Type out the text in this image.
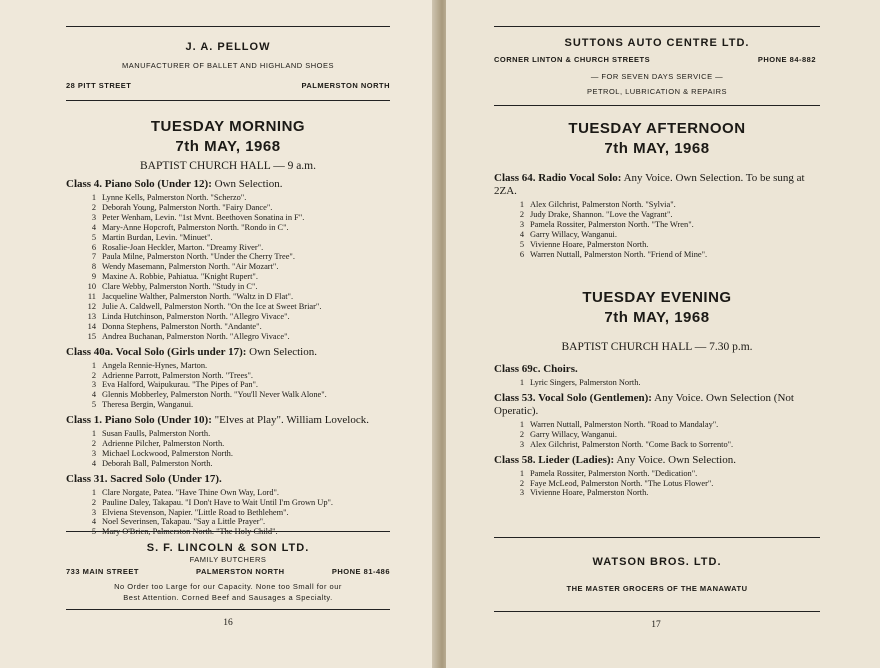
J. A. PELLOW
MANUFACTURER OF BALLET AND HIGHLAND SHOES
28 PITT STREET	PALMERSTON NORTH
TUESDAY MORNING
7th MAY, 1968
BAPTIST CHURCH HALL — 9 a.m.
Class 4. Piano Solo (Under 12): Own Selection.
1 Lynne Kells, Palmerston North. "Scherzo".
2 Deborah Young, Palmerston North. "Fairy Dance".
3 Peter Wenham, Levin. "1st Mvnt. Beethoven Sonatina in F".
4 Mary-Anne Hopcroft, Palmerston North. "Rondo in C".
5 Martin Burdan, Levin. "Minuet".
6 Rosalie-Joan Heckler, Marton. "Dreamy River".
7 Paula Milne, Palmerston North. "Under the Cherry Tree".
8 Wendy Masemann, Palmerston North. "Air Mozart".
9 Maxine A. Robbie, Pahiatua. "Knight Rupert".
10 Clare Webby, Palmerston North. "Study in C".
11 Jacqueline Walther, Palmerston North. "Waltz in D Flat".
12 Julie A. Caldwell, Palmerston North. "On the Ice at Sweet Briar".
13 Linda Hutchinson, Palmerston North. "Allegro Vivace".
14 Donna Stephens, Palmerston North. "Andante".
15 Andrea Buchanan, Palmerston North. "Allegro Vivace".
Class 40a. Vocal Solo (Girls under 17): Own Selection.
1 Angela Rennie-Hynes, Marton.
2 Adrienne Parrott, Palmerston North. "Trees".
3 Eva Halford, Waipukurau. "The Pipes of Pan".
4 Glennis Mobberley, Palmerston North. "You'll Never Walk Alone".
5 Theresa Bergin, Wanganui.
Class 1. Piano Solo (Under 10): "Elves at Play". William Lovelock.
1 Susan Faulls, Palmerston North.
2 Adrienne Pilcher, Palmerston North.
3 Michael Lockwood, Palmerston North.
4 Deborah Ball, Palmerston North.
Class 31. Sacred Solo (Under 17).
1 Clare Norgate, Patea. "Have Thine Own Way, Lord".
2 Pauline Daley, Takapau. "I Don't Have to Wait Until I'm Grown Up".
3 Elviena Stevenson, Napier. "Little Road to Bethlehem".
4 Noel Severinsen, Takapau. "Say a Little Prayer".
5 Mary O'Brien, Palmerston North. "The Holy Child".
S. F. LINCOLN & SON LTD.
FAMILY BUTCHERS
733 MAIN STREET	PALMERSTON NORTH	PHONE 81-486
No Order too Large for our Capacity. None too Small for our
Best Attention. Corned Beef and Sausages a Specialty.
16
SUTTONS AUTO CENTRE LTD.
CORNER LINTON & CHURCH STREETS	PHONE 84-882
— FOR SEVEN DAYS SERVICE —
PETROL, LUBRICATION & REPAIRS
TUESDAY AFTERNOON
7th MAY, 1968
Class 64. Radio Vocal Solo: Any Voice. Own Selection. To be sung at 2ZA.
1 Alex Gilchrist, Palmerston North. "Sylvia".
2 Judy Drake, Shannon. "Love the Vagrant".
3 Pamela Rossiter, Palmerston North. "The Wren".
4 Garry Willacy, Wanganui.
5 Vivienne Hoare, Palmerston North.
6 Warren Nuttall, Palmerston North. "Friend of Mine".
TUESDAY EVENING
7th MAY, 1968
BAPTIST CHURCH HALL — 7.30 p.m.
Class 69c. Choirs.
1 Lyric Singers, Palmerston North.
Class 53. Vocal Solo (Gentlemen): Any Voice. Own Selection (Not Operatic).
1 Warren Nuttall, Palmerston North. "Road to Mandalay".
2 Garry Willacy, Wanganui.
3 Alex Gilchrist, Palmerston North. "Come Back to Sorrento".
Class 58. Lieder (Ladies): Any Voice. Own Selection.
1 Pamela Rossiter, Palmerston North. "Dedication".
2 Faye McLeod, Palmerston North. "The Lotus Flower".
3 Vivienne Hoare, Palmerston North.
WATSON BROS. LTD.
THE MASTER GROCERS OF THE MANAWATU
17
